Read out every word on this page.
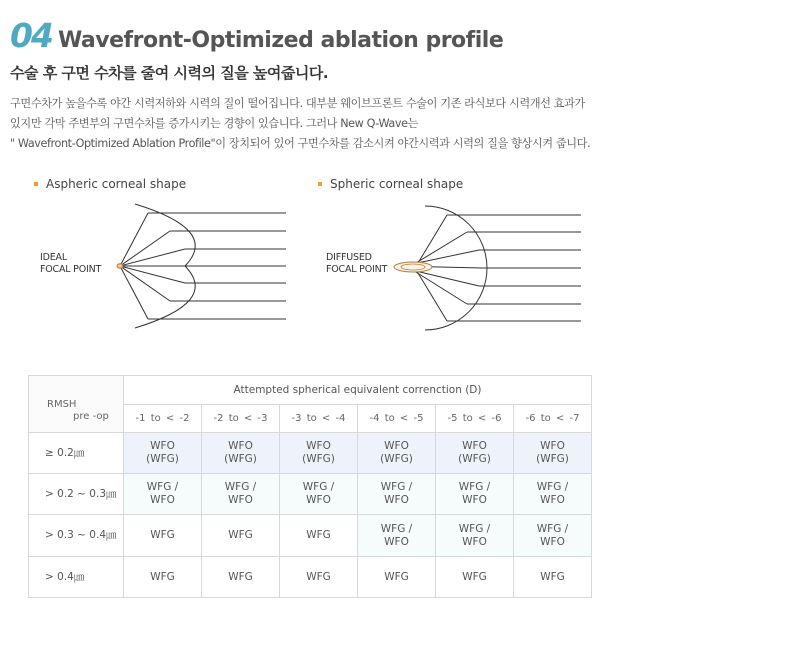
04 Wavefront-Optimized ablation profile
수술 후 구면 수차를 줄여 시력의 질을 높여줍니다.

구면수차가 높을수록 야간 시력저하와 시력의 질이 떨어집니다. 대부분 웨이브프론트 수술이 기존 라식보다 시력개선 효과가

있지만 각막 주변부의 구면수차를 증가시키는 경향이 있습니다. 그러나 New Q-Wave는

" Wavefront-Optimized Ablation Profile"이 장치되어 있어 구면수차를 감소시켜 야간시력과 시력의 질을 향상시켜 줍니다.

Aspheric corneal shape
IDEAL
FOCAL POINT
Spheric corneal shape
DIFFUSED
FOCAL POINT
RMSH
pre -op	Attempted spherical equivalent correnction (D)					
	-1 to < -2	-2 to < -3	-3 to < -4	-4 to < -5	-5 to < -6	-6 to < -7
≥ 0.2㎛	WFO
(WFG)	WFO
(WFG)	WFO
(WFG)	WFO
(WFG)	WFO
(WFG)	WFO
(WFG)
> 0.2 ~ 0.3㎛	WFG /
WFO	WFG /
WFO	WFG /
WFO	WFG /
WFO	WFG /
WFO	WFG /
WFO
> 0.3 ~ 0.4㎛	WFG	WFG	WFG	WFG /
WFO	WFG /
WFO	WFG /
WFO
> 0.4㎛	WFG	WFG	WFG	WFG	WFG	WFG
